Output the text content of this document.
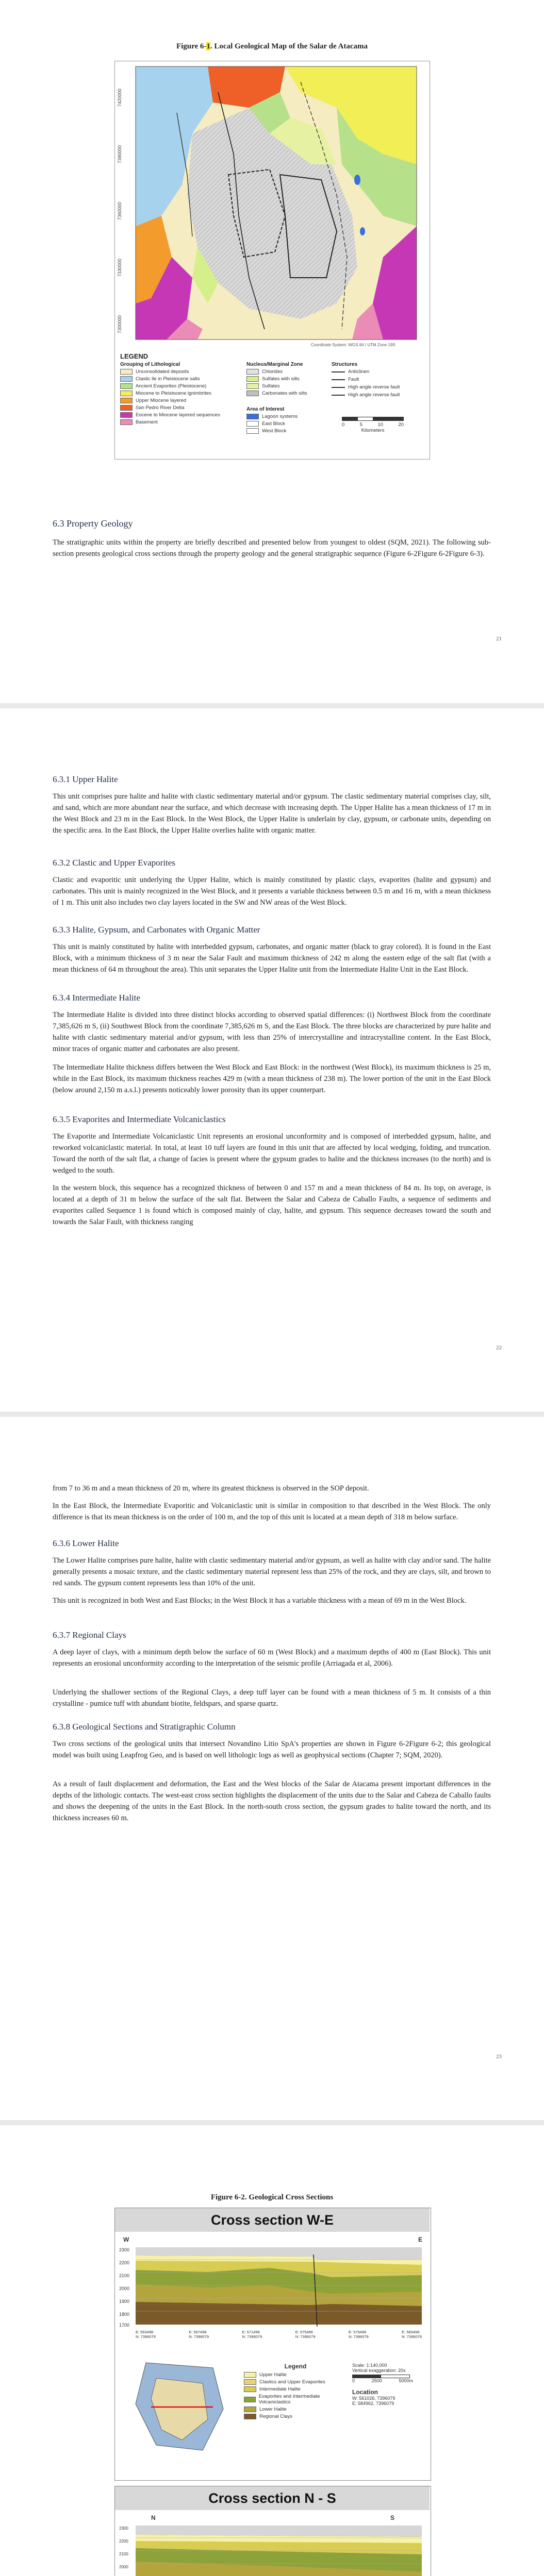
Figure 6-1. Local Geological Map of the Salar de Atacama
7420000
7390000
7360000
7330000
7300000
Coordinate System: WGS 84 / UTM Zone 19S
LEGEND
Grouping of Lithological
Unconsolidated deposits
Clastic lle in Pleistocene salts
Ancient Evaporites (Pleistocene)
Miocene to Pleistocene ignimbrites
Upper Miocene layered
San Pedro River Delta
Eocene to Miocene layered sequences
Basement
Nucleus/Marginal Zone
Chlorides
Sulfates with silts
Sulfates
Carbonates with silts
Area of Interest
Lagoon systems
East Block
West Block
Structures
Anticlinen
Fault
High angle reverse fault
High angle reverse fault
0	5	10	20
Kilometers
6.3 Property Geology

The stratigraphic units within the property are briefly described and presented below from youngest to oldest (SQM, 2021). The following sub-section presents geological cross sections through the property geology and the general stratigraphic sequence (Figure 6-2Figure 6-2Figure 6-3).

21
6.3.1 Upper Halite

This unit comprises pure halite and halite with clastic sedimentary material and/or gypsum. The clastic sedimentary material comprises clay, silt, and sand, which are more abundant near the surface, and which decrease with increasing depth. The Upper Halite has a mean thickness of 17 m in the West Block and 23 m in the East Block. In the West Block, the Upper Halite is underlain by clay, gypsum, or carbonate units, depending on the specific area. In the East Block, the Upper Halite overlies halite with organic matter.

6.3.2 Clastic and Upper Evaporites

Clastic and evaporitic unit underlying the Upper Halite, which is mainly constituted by plastic clays, evaporites (halite and gypsum) and carbonates. This unit is mainly recognized in the West Block, and it presents a variable thickness between 0.5 m and 16 m, with a mean thickness of 1 m. This unit also includes two clay layers located in the SW and NW areas of the West Block.

6.3.3 Halite, Gypsum, and Carbonates with Organic Matter

This unit is mainly constituted by halite with interbedded gypsum, carbonates, and organic matter (black to gray colored). It is found in the East Block, with a minimum thickness of 3 m near the Salar Fault and maximum thickness of 242 m along the eastern edge of the salt flat (with a mean thickness of 64 m throughout the area). This unit separates the Upper Halite unit from the Intermediate Halite Unit in the East Block.

6.3.4 Intermediate Halite

The Intermediate Halite is divided into three distinct blocks according to observed spatial differences: (i) Northwest Block from the coordinate 7,385,626 m S, (ii) Southwest Block from the coordinate 7,385,626 m S, and the East Block. The three blocks are characterized by pure halite and halite with clastic sedimentary material and/or gypsum, with less than 25% of intercrystalline and intracrystalline content. In the East Block, minor traces of organic matter and carbonates are also present.

The Intermediate Halite thickness differs between the West Block and East Block: in the northwest (West Block), its maximum thickness is 25 m, while in the East Block, its maximum thickness reaches 429 m (with a mean thickness of 238 m). The lower portion of the unit in the East Block (below around 2,150 m a.s.l.) presents noticeably lower porosity than its upper counterpart.

6.3.5 Evaporites and Intermediate Volcaniclastics

The Evaporite and Intermediate Volcaniclastic Unit represents an erosional unconformity and is composed of interbedded gypsum, halite, and reworked volcaniclastic material. In total, at least 10 tuff layers are found in this unit that are affected by local wedging, folding, and truncation. Toward the north of the salt flat, a change of facies is present where the gypsum grades to halite and the thickness increases (to the north) and is wedged to the south.

In the western block, this sequence has a recognized thickness of between 0 and 157 m and a mean thickness of 84 m. Its top, on average, is located at a depth of 31 m below the surface of the salt flat. Between the Salar and Cabeza de Caballo Faults, a sequence of sediments and evaporites called Sequence 1 is found which is composed mainly of clay, halite, and gypsum. This sequence decreases toward the south and towards the Salar Fault, with thickness ranging

22

from 7 to 36 m and a mean thickness of 20 m, where its greatest thickness is observed in the SOP deposit.

In the East Block, the Intermediate Evaporitic and Volcaniclastic unit is similar in composition to that described in the West Block. The only difference is that its mean thickness is on the order of 100 m, and the top of this unit is located at a mean depth of 318 m below surface.

6.3.6 Lower Halite

The Lower Halite comprises pure halite, halite with clastic sedimentary material and/or gypsum, as well as halite with clay and/or sand. The halite generally presents a mosaic texture, and the clastic sedimentary material represent less than 25% of the rock, and they are clays, silt, and brown to red sands. The gypsum content represents less than 10% of the unit.

This unit is recognized in both West and East Blocks; in the West Block it has a variable thickness with a mean of 69 m in the West Block.

6.3.7 Regional Clays

A deep layer of clays, with a minimum depth below the surface of 60 m (West Block) and a maximum depths of 400 m (East Block). This unit represents an erosional unconformity according to the interpretation of the seismic profile (Arriagada et al, 2006).

Underlying the shallower sections of the Regional Clays, a deep tuff layer can be found with a mean thickness of 5 m. It consists of a thin crystalline - pumice tuff with abundant biotite, feldspars, and sparse quartz.

6.3.8 Geological Sections and Stratigraphic Column

Two cross sections of the geological units that intersect Novandino Litio SpA's properties are shown in Figure 6-2Figure 6-2; this geological model was built using Leapfrog Geo, and is based on well lithologic logs as well as geophysical sections (Chapter 7; SQM, 2020).

As a result of fault displacement and deformation, the East and the West blocks of the Salar de Atacama present important differences in the depths of the lithologic contacts. The west-east cross section highlights the displacement of the units due to the Salar and Cabeza de Caballo faults and shows the deepening of the units in the East Block. In the north-south cross section, the gypsum grades to halite toward the north, and its thickness increases 60 m.

23
Figure 6-2. Geological Cross Sections
Cross section W-E
W	E
2300
2200
2100
2000
1900
1800
1700
E: 563498
N: 7396079
E: 567498
N: 7396079
E: 571498
N: 7396079
E: 575498
N: 7396079
E: 579498
N: 7396079
E: 583498
N: 7396079
Legend
Upper Halite
Clastics and Upper Evaporites
Intermediate Halite
Evaporites and Intermediate Volcaniclastics
Lower Halite
Regional Clays
Scale: 1:140,000
Vertical exaggeration: 20x
0	2500	5000m
Location
W: 561026, 7396079
E: 584962, 7396079
Cross section N - S
N	S
2300
2200
2100
2000
